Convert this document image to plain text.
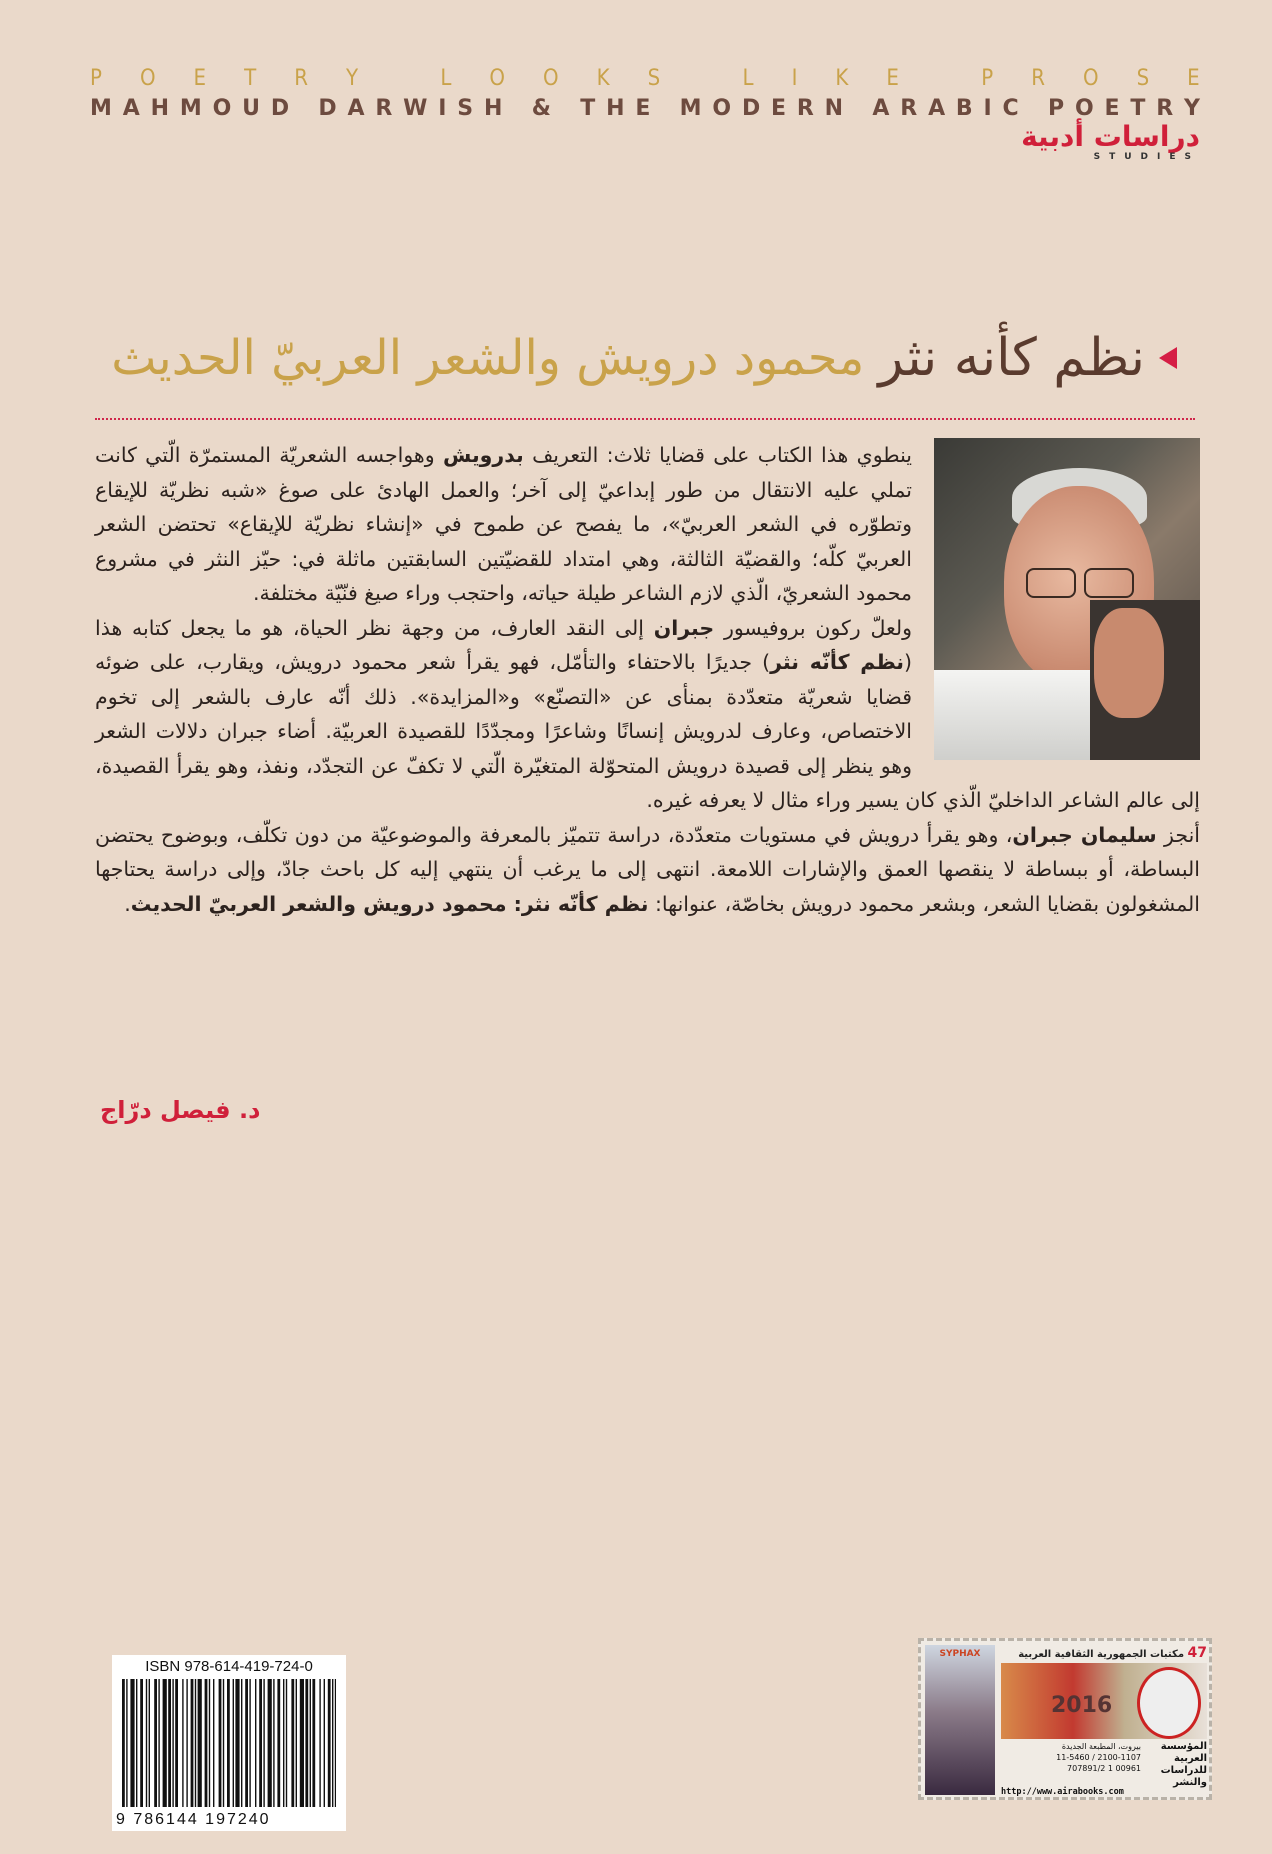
P O E T R Y
	L O O K S
	L I K E
	P R O S E
M A H M O U D
D A R W I S H
&
T H E
M O D E R N
A R A B I C
P O E T R Y
دراسات أدبية
STUDIES
نظم كأنه نثر
محمود درويش والشعر العربيّ الحديث

ينطوي هذا الكتاب على قضايا ثلاث: التعريف بدرويش وهواجسه الشعريّة المستمرّة الّتي كانت تملي عليه الانتقال من طور إبداعيّ إلى آخر؛ والعمل الهادئ على صوغ «شبه نظريّة للإيقاع وتطوّره في الشعر العربيّ»، ما يفصح عن طموح في «إنشاء نظريّة للإيقاع» تحتضن الشعر العربيّ كلّه؛ والقضيّة الثالثة، وهي امتداد للقضيّتين السابقتين ماثلة في: حيّز النثر في مشروع محمود الشعريّ، الّذي لازم الشاعر طيلة حياته، واحتجب وراء صيغ فنّيّة مختلفة.

ولعلّ ركون بروفيسور جبران إلى النقد العارف، من وجهة نظر الحياة، هو ما يجعل كتابه هذا (نظم كأنّه نثر) جديرًا بالاحتفاء والتأمّل، فهو يقرأ شعر محمود درويش، ويقارب، على ضوئه قضايا شعريّة متعدّدة بمنأى عن «التصنّع» و«المزايدة». ذلك أنّه عارف بالشعر إلى تخوم الاختصاص، وعارف لدرويش إنسانًا وشاعرًا ومجدّدًا للقصيدة العربيّة. أضاء جبران دلالات الشعر وهو ينظر إلى قصيدة درويش المتحوّلة المتغيّرة الّتي لا تكفّ عن التجدّد، ونفذ، وهو يقرأ القصيدة، إلى عالم الشاعر الداخليّ الّذي كان يسير وراء مثال لا يعرفه غيره.

أنجز سليمان جبران، وهو يقرأ درويش في مستويات متعدّدة، دراسة تتميّز بالمعرفة والموضوعيّة من دون تكلّف، وبوضوح يحتضن البساطة، أو ببساطة لا ينقصها العمق والإشارات اللامعة. انتهى إلى ما يرغب أن ينتهي إليه كل باحث جادّ، وإلى دراسة يحتاجها المشغولون بقضايا الشعر، وبشعر محمود درويش بخاصّة، عنوانها: نظم كأنّه نثر: محمود درويش والشعر العربيّ الحديث.

د. فيصل درّاج
ISBN 978-614-419-724-0
9 786144 197240
SYPHAX	47 مكتبات الجمهورية الثقافية العربية
2016
المؤسسة العربية للدراسات والنشر
بيروت، المطبعة الجديدة
2100-1107 / 11-5460
00961 1 707891/2
http://www.airabooks.com
